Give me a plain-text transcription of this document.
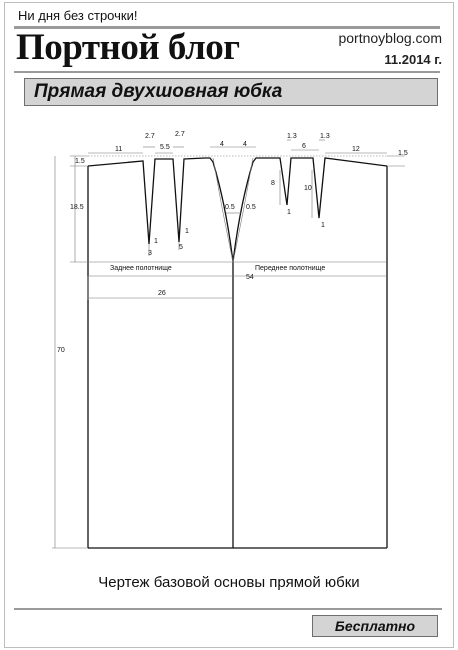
Ни дня без строчки!
Портной блог	portnoyblog.com
11.2014 г.
Прямая двухшовная юбка
2.7	2.7
5.5
11
4	4
1.3	1.3
6	12
1.5
1.5
18.5
3
5
1
1
0.5 0.5
8
10
1
1
Заднее полотнище	Переднее полотнище
54
26
70
Чертеж базовой основы прямой юбки
Бесплатно
